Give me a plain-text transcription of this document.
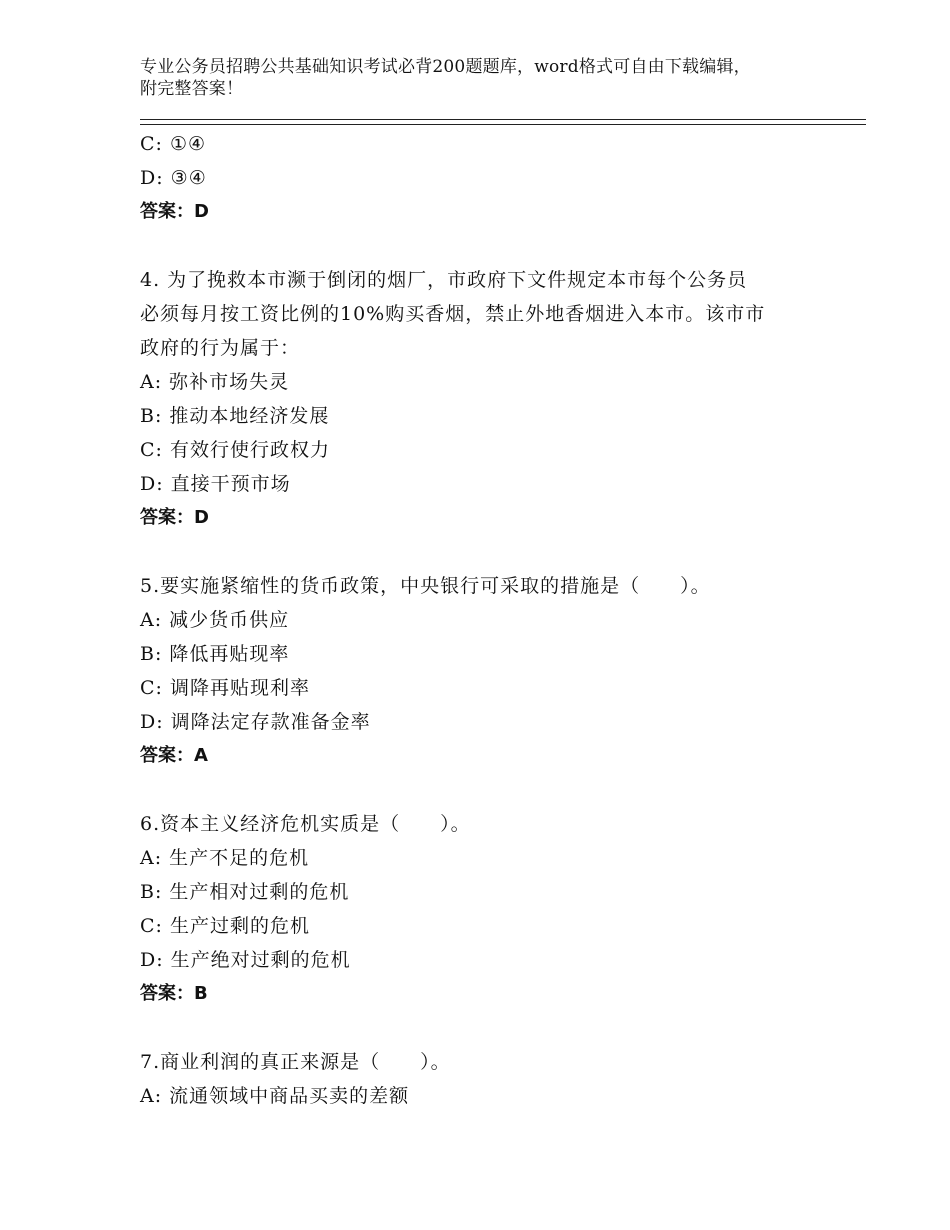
专业公务员招聘公共基础知识考试必背200题题库，word格式可自由下载编辑，
附完整答案！
C: ①④
D: ③④
答案：D
4. 为了挽救本市濒于倒闭的烟厂，市政府下文件规定本市每个公务员
必须每月按工资比例的10%购买香烟，禁止外地香烟进入本市。该市市
政府的行为属于：
A: 弥补市场失灵
B: 推动本地经济发展
C: 有效行使行政权力
D: 直接干预市场
答案：D
5.要实施紧缩性的货币政策，中央银行可采取的措施是（　　）。
A: 减少货币供应
B: 降低再贴现率
C: 调降再贴现利率
D: 调降法定存款准备金率
答案：A
6.资本主义经济危机实质是（　　）。
A: 生产不足的危机
B: 生产相对过剩的危机
C: 生产过剩的危机
D: 生产绝对过剩的危机
答案：B
7.商业利润的真正来源是（　　）。
A: 流通领域中商品买卖的差额
